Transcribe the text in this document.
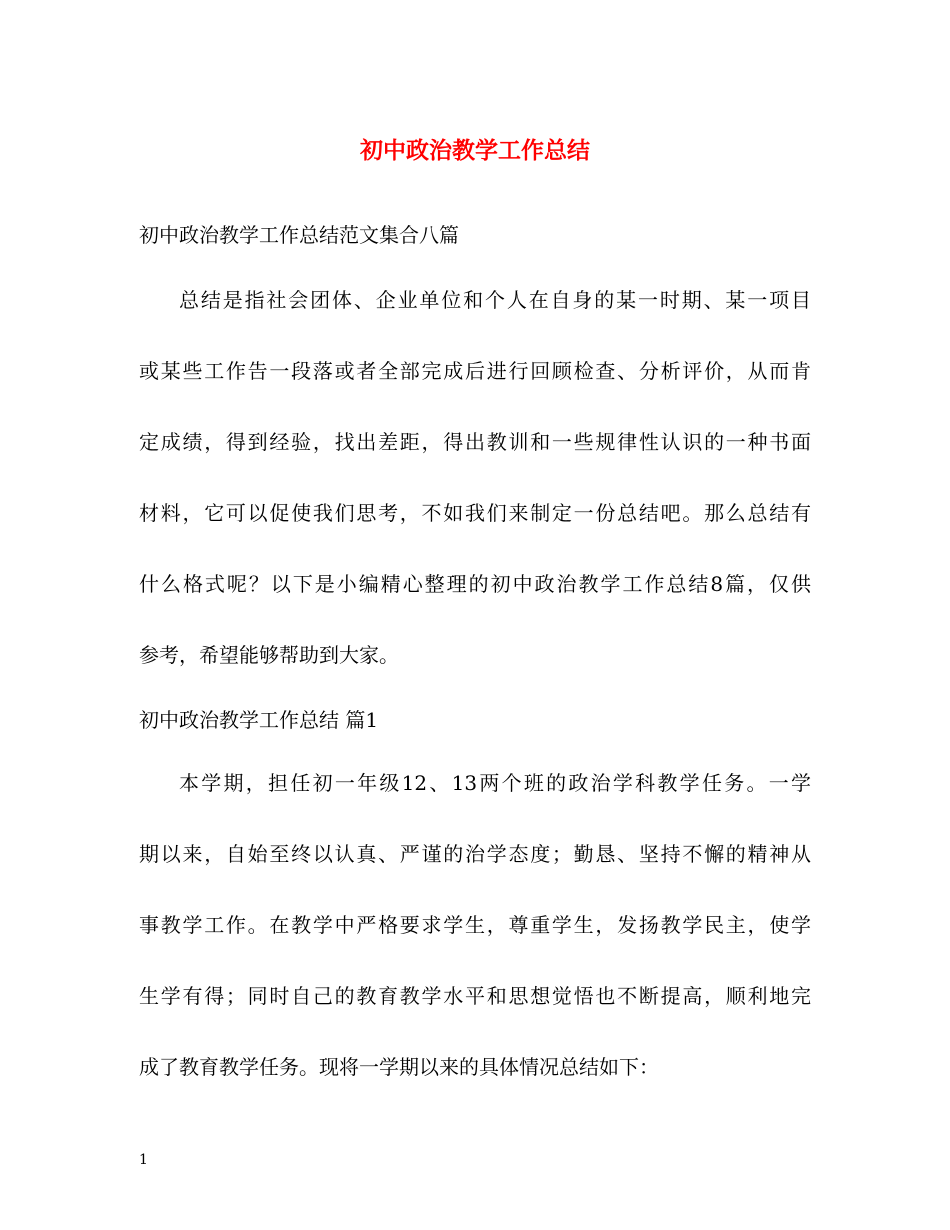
初中政治教学工作总结
初中政治教学工作总结范文集合八篇
总结是指社会团体、企业单位和个人在自身的某一时期、某一项目
或某些工作告一段落或者全部完成后进行回顾检查、分析评价，从而肯
定成绩，得到经验，找出差距，得出教训和一些规律性认识的一种书面
材料，它可以促使我们思考，不如我们来制定一份总结吧。那么总结有
什么格式呢？以下是小编精心整理的初中政治教学工作总结8篇，仅供
参考，希望能够帮助到大家。
初中政治教学工作总结 篇1
本学期，担任初一年级12、13两个班的政治学科教学任务。一学
期以来，自始至终以认真、严谨的治学态度；勤恳、坚持不懈的精神从
事教学工作。在教学中严格要求学生，尊重学生，发扬教学民主，使学
生学有得；同时自己的教育教学水平和思想觉悟也不断提高，顺利地完
成了教育教学任务。现将一学期以来的具体情况总结如下：
1
